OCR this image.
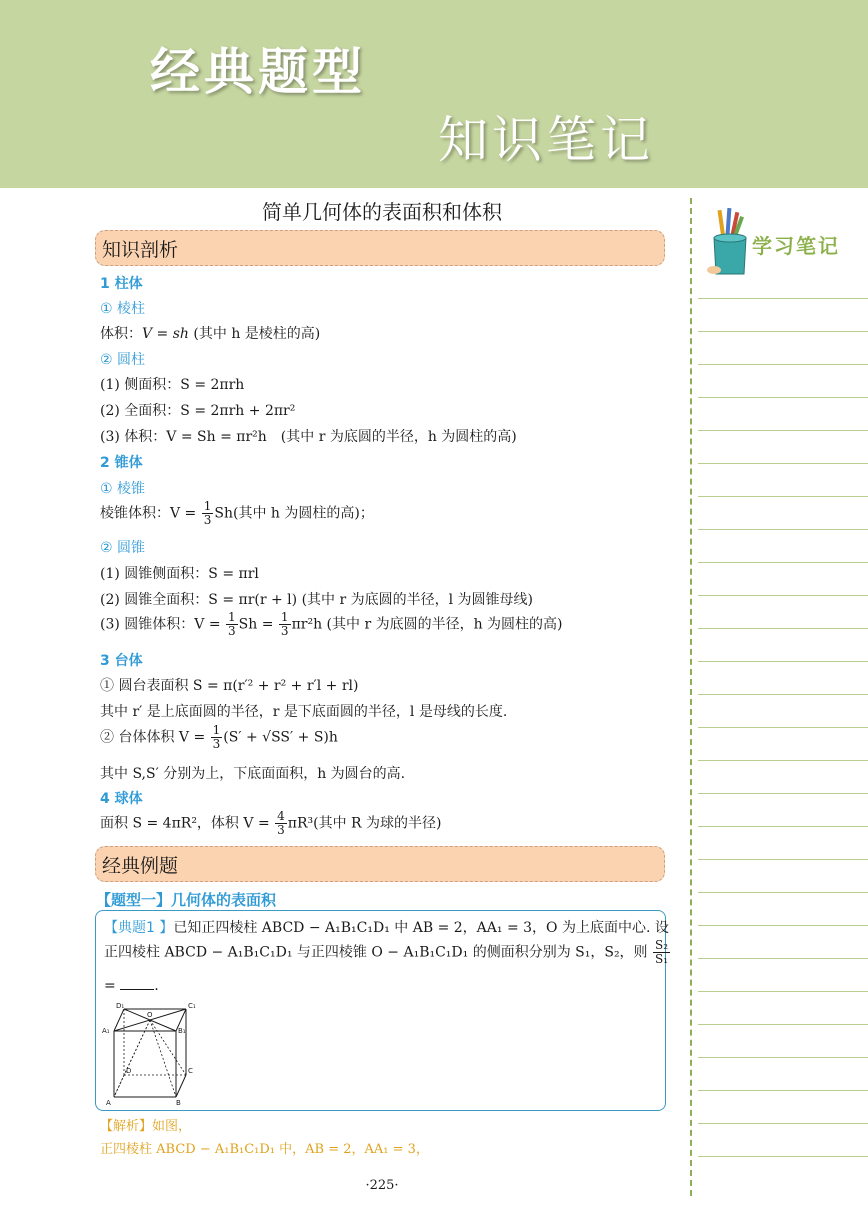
经典题型
知识笔记
学习笔记
简单几何体的表面积和体积
知识剖析
1 柱体
① 棱柱
体积：V = sh (其中 h 是棱柱的高)
② 圆柱
(1) 侧面积：S = 2πrh
(2) 全面积：S = 2πrh + 2πr²
(3) 体积：V = Sh = πr²h　(其中 r 为底圆的半径，h 为圆柱的高)
2 锥体
① 棱锥
棱锥体积：$V = \frac{1}{3} Sh$(其中 h 为圆柱的高)；
② 圆锥
(1) 圆锥侧面积：S = πrl
(2) 圆锥全面积：S = πr(r + l) (其中 r 为底圆的半径，l 为圆锥母线)
(3) 圆锥体积：$V = \frac{1}{3}$ $Sh = \frac{1}{3} \pi r^2h$ (其中 r 为底圆的半径，h 为圆柱的高)
3 台体
① 圆台表面积 S = π(r′² + r² + r′l + rl)
其中 r′ 是上底面圆的半径，r 是下底面圆的半径，l 是母线的长度.
② 台体体积 $V = \frac{1}{3} (S' + √SS' + S)h$
其中 S,S′ 分别为上，下底面面积，h 为圆台的高.
4 球体
面积 S = 4πR²，体积 $V = \frac{4}{3} \pi R^3$(其中 R 为球的半径)
经典例题
【题型一】几何体的表面积
【典题1 】已知正四棱柱 ABCD − A₁B₁C₁D₁ 中 AB = 2，AA₁ = 3，O 为上底面中心. 设
正四棱柱 ABCD − A₁B₁C₁D₁ 与正四棱锥 O − A₁B₁C₁D₁ 的侧面积分别为 S₁，S₂，则 $\frac{\text{S₂}}{\text{S₁}}$
=	.
D₁	C₁
A₁	B₁
O
D	C
A	B
【解析】如图，
正四棱柱 ABCD − A₁B₁C₁D₁ 中，AB = 2，AA₁ = 3，
·225·
